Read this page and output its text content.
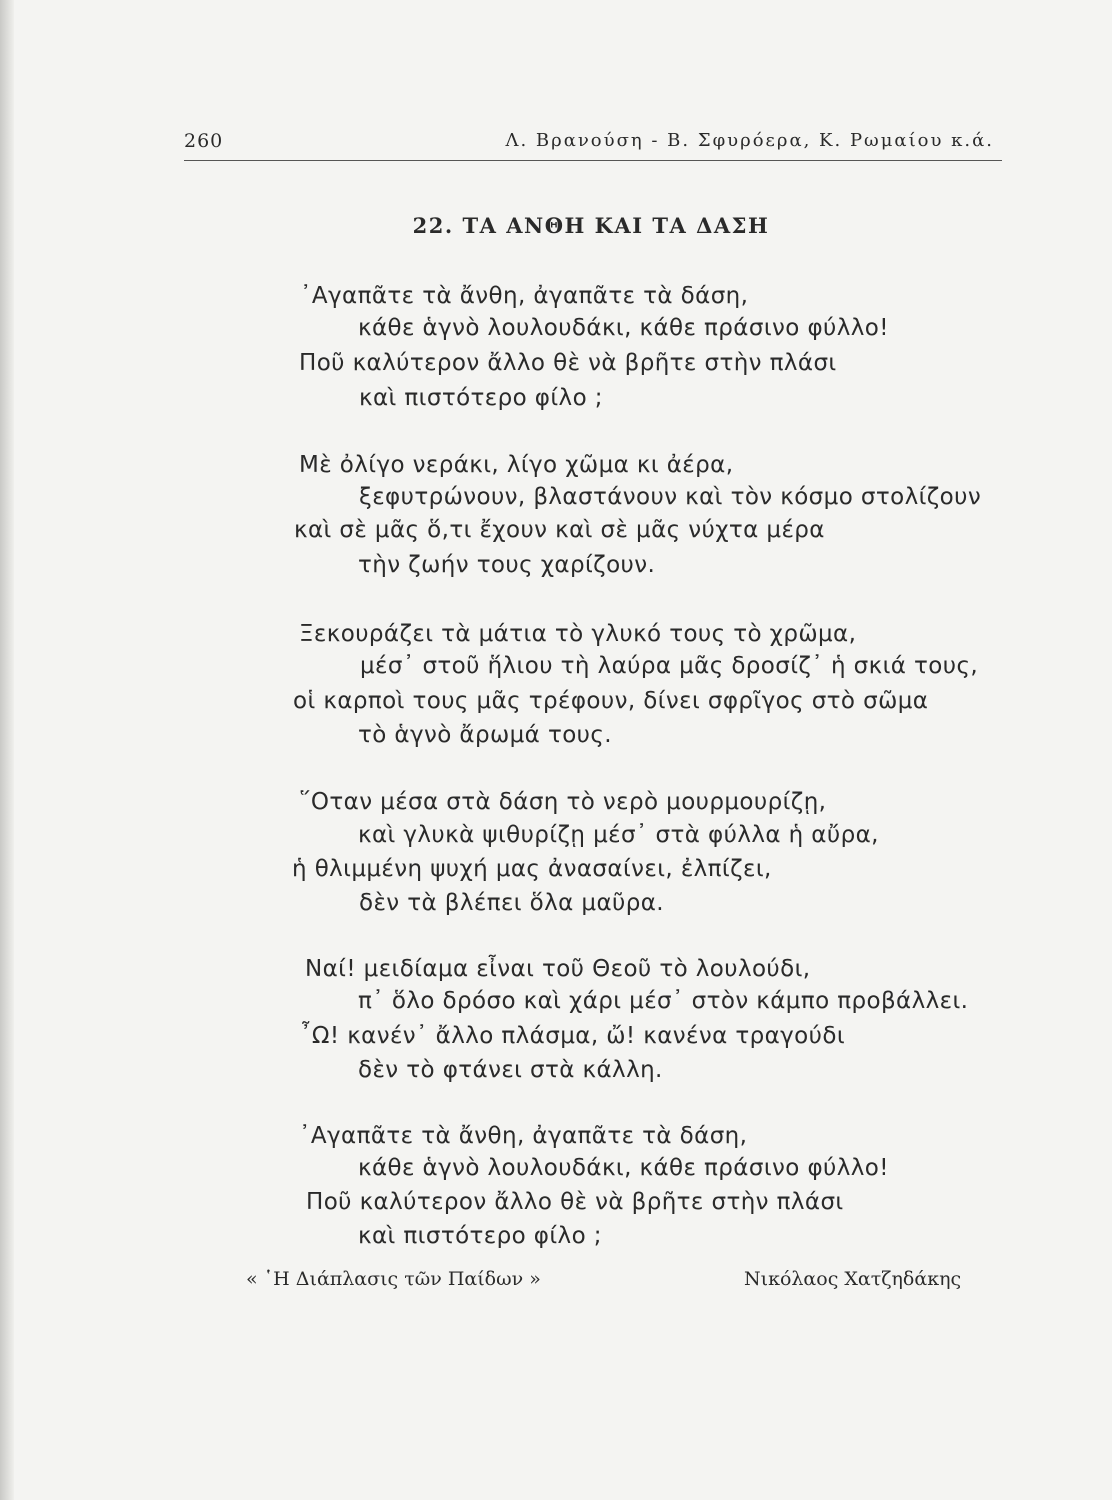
260	Λ. Βρανούση - Β. Σφυρόερα, Κ. Ρωμαίου κ.ά.
22. ΤΑ ΑΝΘΗ ΚΑΙ ΤΑ ΔΑΣΗ
᾿Αγαπᾶτε τὰ ἄνθη, ἀγαπᾶτε τὰ δάση,
κάθε ἁγνὸ λουλουδάκι, κάθε πράσινο φύλλο!
Ποῦ καλύτερον ἄλλο θὲ νὰ βρῆτε στὴν πλάσι
καὶ πιστότερο φίλο ;
Μὲ ὀλίγο νεράκι, λίγο χῶμα κι ἀέρα,
ξεφυτρώνουν, βλαστάνουν καὶ τὸν κόσμο στολίζουν
καὶ σὲ μᾶς ὅ,τι ἔχουν καὶ σὲ μᾶς νύχτα μέρα
τὴν ζωήν τους χαρίζουν.
Ξεκουράζει τὰ μάτια τὸ γλυκό τους τὸ χρῶμα,
μέσ᾿ στοῦ ἥλιου τὴ λαύρα μᾶς δροσίζ᾿ ἡ σκιά τους,
οἱ καρποὶ τους μᾶς τρέφουν, δίνει σφρῖγος στὸ σῶμα
τὸ ἁγνὸ ἄρωμά τους.
῞Οταν μέσα στὰ δάση τὸ νερὸ μουρμουρίζῃ,
καὶ γλυκὰ ψιθυρίζῃ μέσ᾿ στὰ φύλλα ἡ αὔρα,
ἡ θλιμμένη ψυχή μας ἀνασαίνει, ἐλπίζει,
δὲν τὰ βλέπει ὅλα μαῦρα.
Ναί! μειδίαμα εἶναι τοῦ Θεοῦ τὸ λουλούδι,
π᾿ ὅλο δρόσο καὶ χάρι μέσ᾿ στὸν κάμπο προβάλλει.
῏Ω! κανέν᾿ ἄλλο πλάσμα, ὤ! κανένα τραγούδι
δὲν τὸ φτάνει στὰ κάλλη.
᾿Αγαπᾶτε τὰ ἄνθη, ἀγαπᾶτε τὰ δάση,
κάθε ἁγνὸ λουλουδάκι, κάθε πράσινο φύλλο!
Ποῦ καλύτερον ἄλλο θὲ νὰ βρῆτε στὴν πλάσι
καὶ πιστότερο φίλο ;
« ῾Η Διάπλασις τῶν Παίδων »	Νικόλαος Χατζηδάκης
